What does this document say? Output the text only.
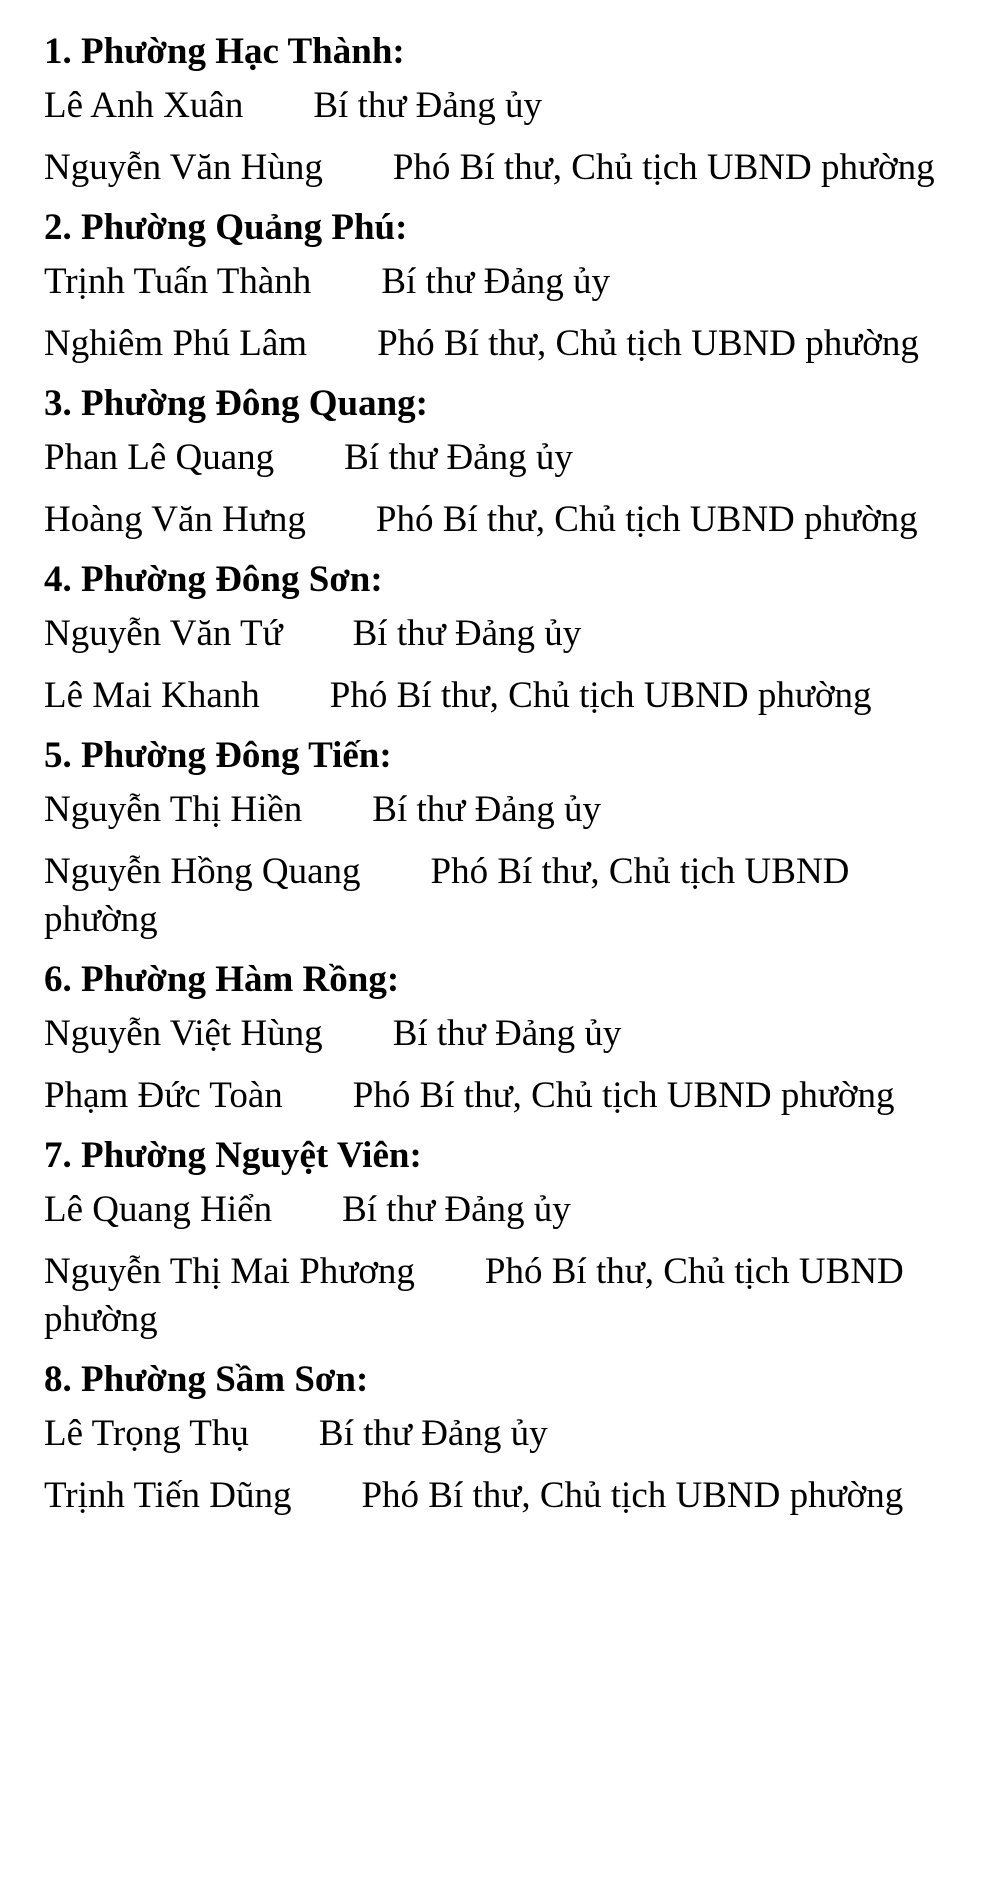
1. Phường Hạc Thành:
Lê Anh Xuân Bí thư Đảng ủy
Nguyễn Văn Hùng Phó Bí thư, Chủ tịch UBND phường
2. Phường Quảng Phú:
Trịnh Tuấn Thành Bí thư Đảng ủy
Nghiêm Phú Lâm Phó Bí thư, Chủ tịch UBND phường
3. Phường Đông Quang:
Phan Lê Quang Bí thư Đảng ủy
Hoàng Văn Hưng Phó Bí thư, Chủ tịch UBND phường
4. Phường Đông Sơn:
Nguyễn Văn Tứ Bí thư Đảng ủy
Lê Mai Khanh Phó Bí thư, Chủ tịch UBND phường
5. Phường Đông Tiến:
Nguyễn Thị Hiền Bí thư Đảng ủy
Nguyễn Hồng Quang Phó Bí thư, Chủ tịch UBND phường
6. Phường Hàm Rồng:
Nguyễn Việt Hùng Bí thư Đảng ủy
Phạm Đức Toàn Phó Bí thư, Chủ tịch UBND phường
7. Phường Nguyệt Viên:
Lê Quang Hiển Bí thư Đảng ủy
Nguyễn Thị Mai Phương Phó Bí thư, Chủ tịch UBND phường
8. Phường Sầm Sơn:
Lê Trọng Thụ Bí thư Đảng ủy
Trịnh Tiến Dũng Phó Bí thư, Chủ tịch UBND phường
